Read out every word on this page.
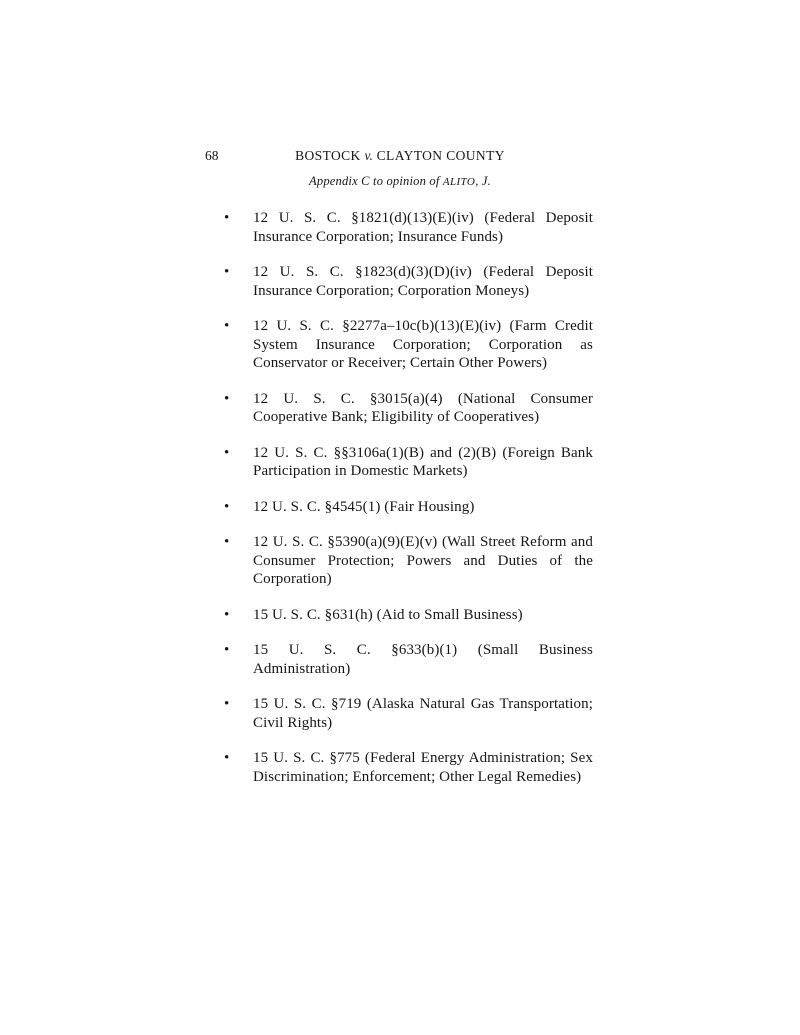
68	BOSTOCK v. CLAYTON COUNTY
Appendix C to opinion of ALITO, J.
• 12 U. S. C. §1821(d)(13)(E)(iv) (Federal Deposit Insurance Corporation; Insurance Funds)

• 12 U. S. C. §1823(d)(3)(D)(iv) (Federal Deposit Insurance Corporation; Corporation Moneys)

• 12 U. S. C. §2277a–10c(b)(13)(E)(iv) (Farm Credit System Insurance Corporation; Corporation as Conservator or Receiver; Certain Other Powers)

• 12 U. S. C. §3015(a)(4) (National Consumer Cooperative Bank; Eligibility of Cooperatives)

• 12 U. S. C. §§3106a(1)(B) and (2)(B) (Foreign Bank Participation in Domestic Markets)

• 12 U. S. C. §4545(1) (Fair Housing)

• 12 U. S. C. §5390(a)(9)(E)(v) (Wall Street Reform and Consumer Protection; Powers and Duties of the Corporation)

• 15 U. S. C. §631(h) (Aid to Small Business)

• 15 U. S. C. §633(b)(1) (Small Business Administration)

• 15 U. S. C. §719 (Alaska Natural Gas Transportation; Civil Rights)

• 15 U. S. C. §775 (Federal Energy Administration; Sex Discrimination; Enforcement; Other Legal Remedies)
